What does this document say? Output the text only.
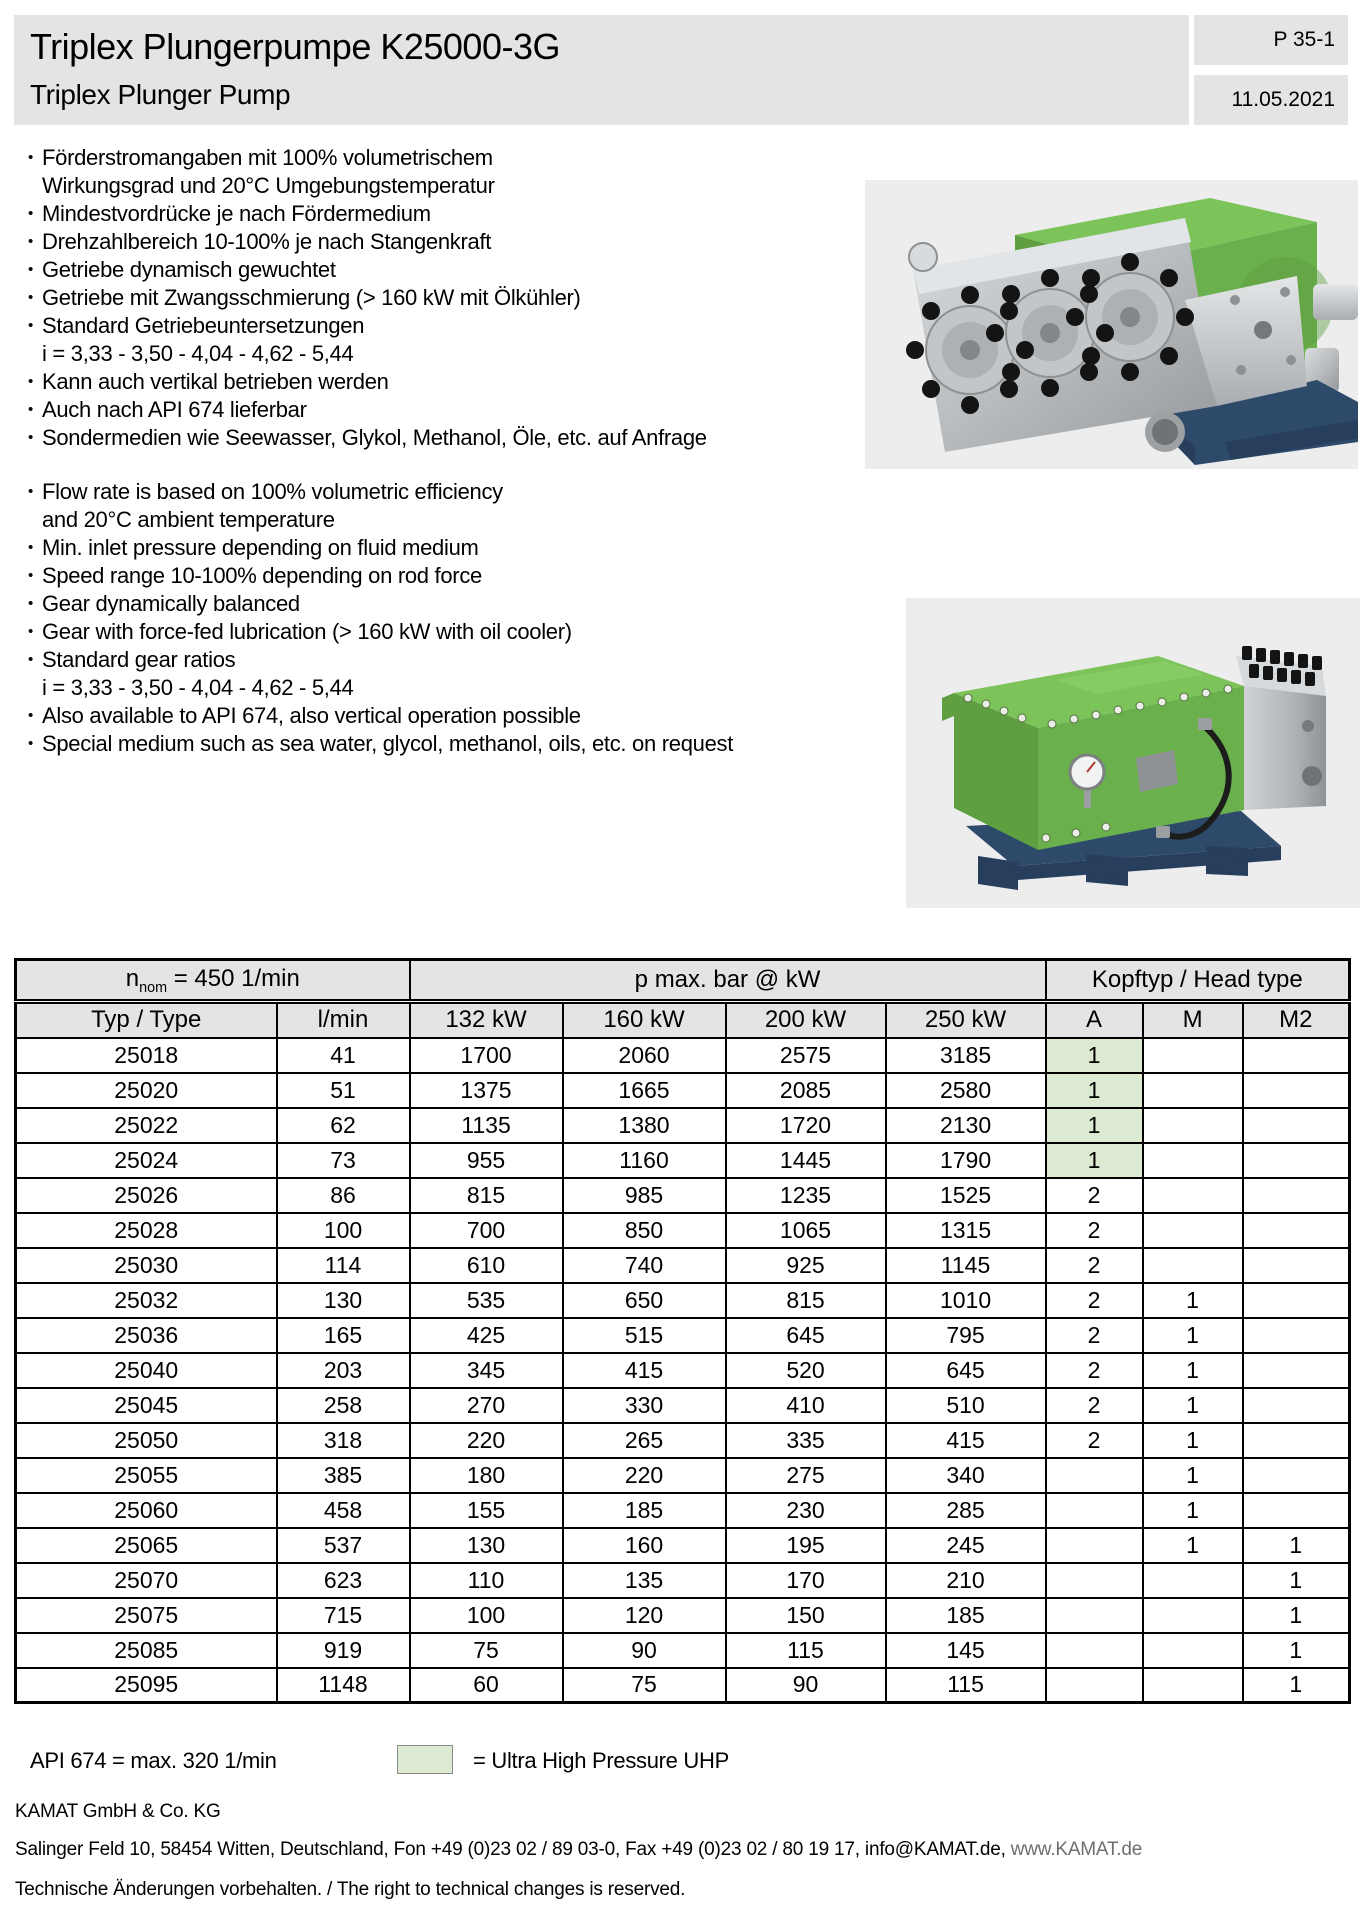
Triplex Plungerpumpe K25000-3G
Triplex Plunger Pump
P 35-1
11.05.2021
• Förderstromangaben mit 100% volumetrischem
Wirkungsgrad und 20°C Umgebungstemperatur
• Mindestvordrücke je nach Fördermedium
• Drehzahlbereich 10-100% je nach Stangenkraft
• Getriebe dynamisch gewuchtet
• Getriebe mit Zwangsschmierung (> 160 kW mit Ölkühler)
• Standard Getriebeuntersetzungen
i = 3,33 - 3,50 - 4,04 - 4,62 - 5,44
• Kann auch vertikal betrieben werden
• Auch nach API 674 lieferbar
• Sondermedien wie Seewasser, Glykol, Methanol, Öle, etc. auf Anfrage
• Flow rate is based on 100% volumetric efficiency
and 20°C ambient temperature
• Min. inlet pressure depending on fluid medium
• Speed range 10-100% depending on rod force
• Gear dynamically balanced
• Gear with force-fed lubrication (> 160 kW with oil cooler)
• Standard gear ratios
i = 3,33 - 3,50 - 4,04 - 4,62 - 5,44
• Also available to API 674, also vertical operation possible
• Special medium such as sea water, glycol, methanol, oils, etc. on request
$n_{nom} = 450$ 1/min		p max. bar @ kW				Kopftyp / Head type		
Typ / Type	l/min	132 kW	160 kW	200 kW	250 kW	A	M	M2
25018	41	1700	2060	2575	3185	1		
25020	51	1375	1665	2085	2580	1		
25022	62	1135	1380	1720	2130	1		
25024	73	955	1160	1445	1790	1		
25026	86	815	985	1235	1525	2		
25028	100	700	850	1065	1315	2		
25030	114	610	740	925	1145	2		
25032	130	535	650	815	1010	2	1	
25036	165	425	515	645	795	2	1	
25040	203	345	415	520	645	2	1	
25045	258	270	330	410	510	2	1	
25050	318	220	265	335	415	2	1	
25055	385	180	220	275	340		1	
25060	458	155	185	230	285		1	
25065	537	130	160	195	245		1	1
25070	623	110	135	170	210			1
25075	715	100	120	150	185			1
25085	919	75	90	115	145			1
25095	1148	60	75	90	115			1
API 674 = max. 320 1/min	= Ultra High Pressure UHP
KAMAT GmbH & Co. KG
Salinger Feld 10, 58454 Witten, Deutschland, Fon +49 (0)23 02 / 89 03-0, Fax +49 (0)23 02 / 80 19 17, info@KAMAT.de, www.KAMAT.de
Technische Änderungen vorbehalten. / The right to technical changes is reserved.
